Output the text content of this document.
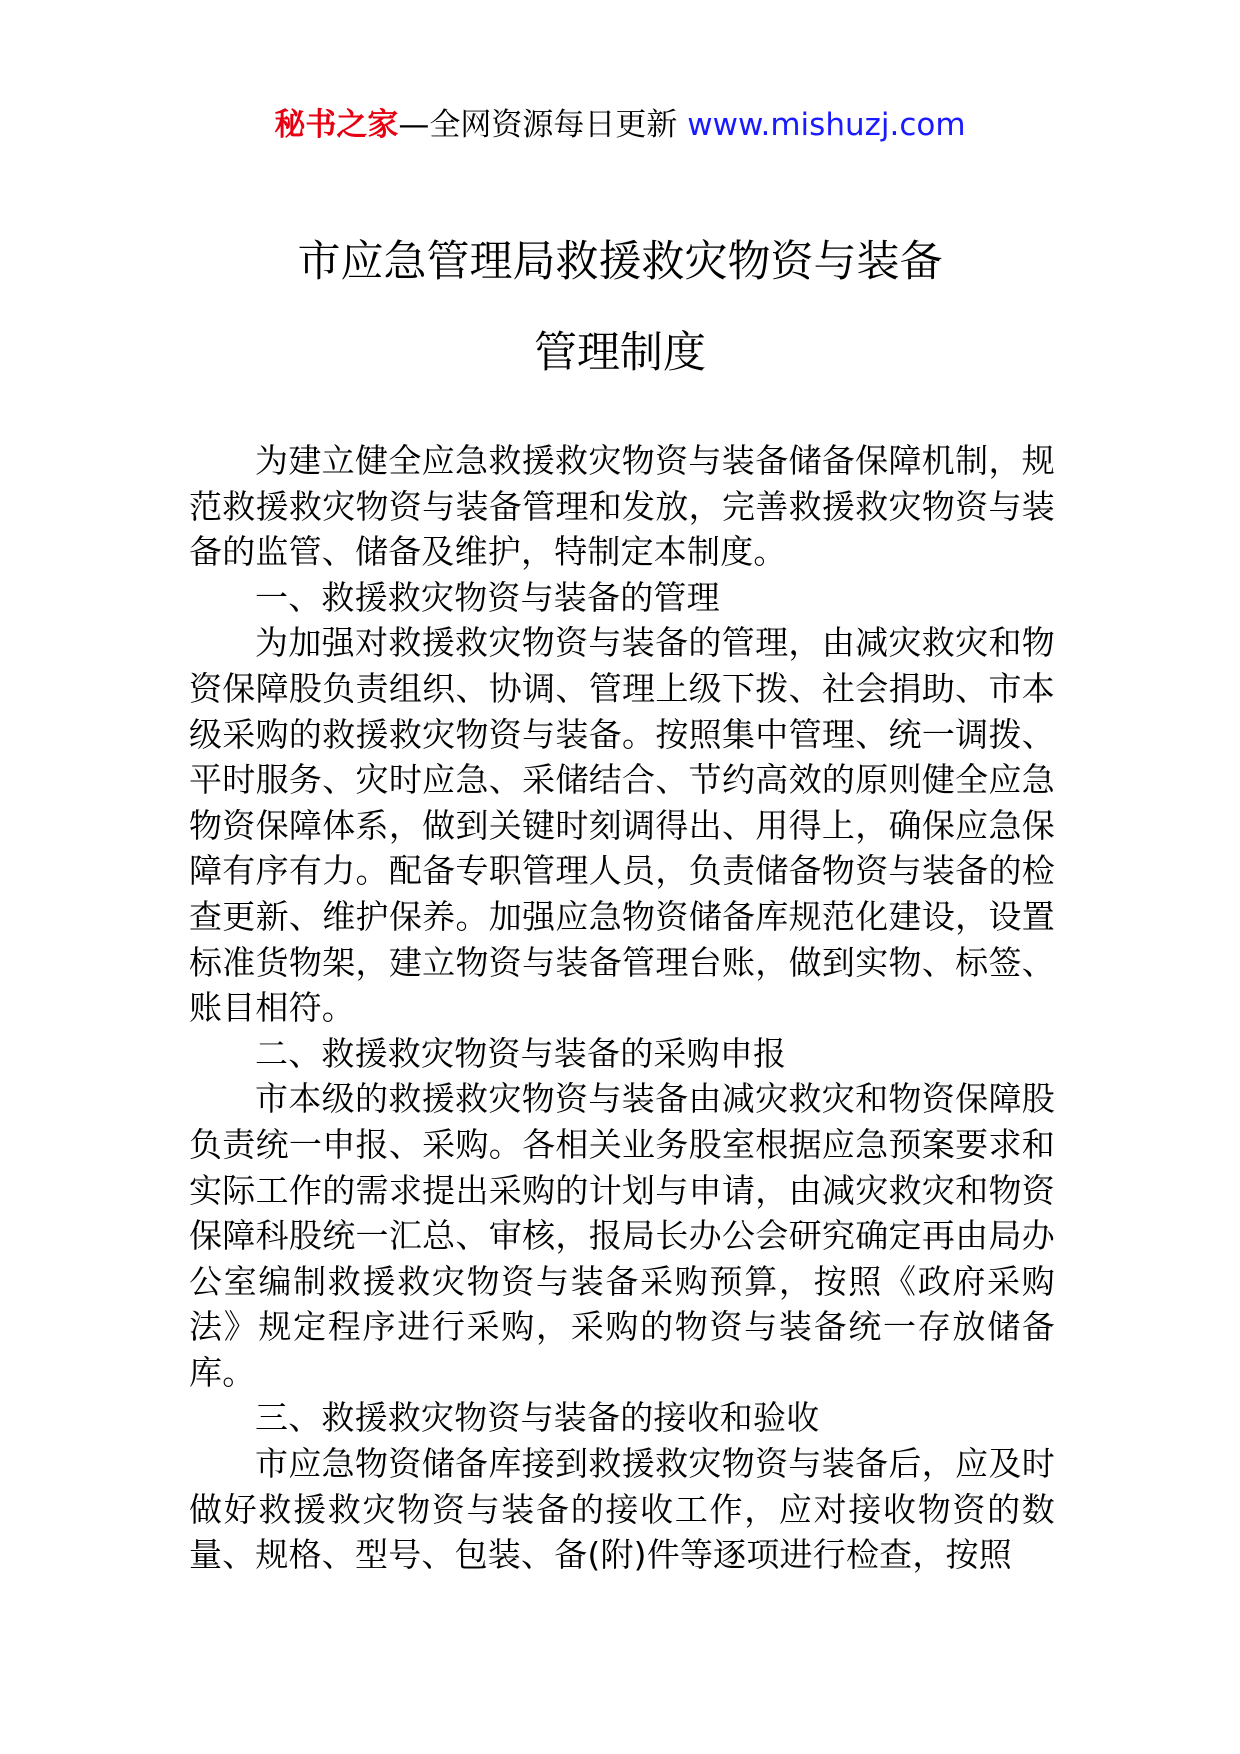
秘书之家—全网资源每日更新 www.mishuzj.com
市应急管理局救援救灾物资与装备
管理制度

为建立健全应急救援救灾物资与装备储备保障机制，规范救援救灾物资与装备管理和发放，完善救援救灾物资与装备的监管、储备及维护，特制定本制度。

一、救援救灾物资与装备的管理

为加强对救援救灾物资与装备的管理，由减灾救灾和物资保障股负责组织、协调、管理上级下拨、社会捐助、市本级采购的救援救灾物资与装备。按照集中管理、统一调拨、平时服务、灾时应急、采储结合、节约高效的原则健全应急物资保障体系，做到关键时刻调得出、用得上，确保应急保障有序有力。配备专职管理人员，负责储备物资与装备的检查更新、维护保养。加强应急物资储备库规范化建设，设置标准货物架，建立物资与装备管理台账，做到实物、标签、账目相符。

二、救援救灾物资与装备的采购申报

市本级的救援救灾物资与装备由减灾救灾和物资保障股负责统一申报、采购。各相关业务股室根据应急预案要求和实际工作的需求提出采购的计划与申请，由减灾救灾和物资保障科股统一汇总、审核，报局长办公会研究确定再由局办公室编制救援救灾物资与装备采购预算，按照《政府采购法》规定程序进行采购，采购的物资与装备统一存放储备库。

三、救援救灾物资与装备的接收和验收

市应急物资储备库接到救援救灾物资与装备后，应及时做好救援救灾物资与装备的接收工作，应对接收物资的数量、规格、型号、包装、备(附)件等逐项进行检查，按照
